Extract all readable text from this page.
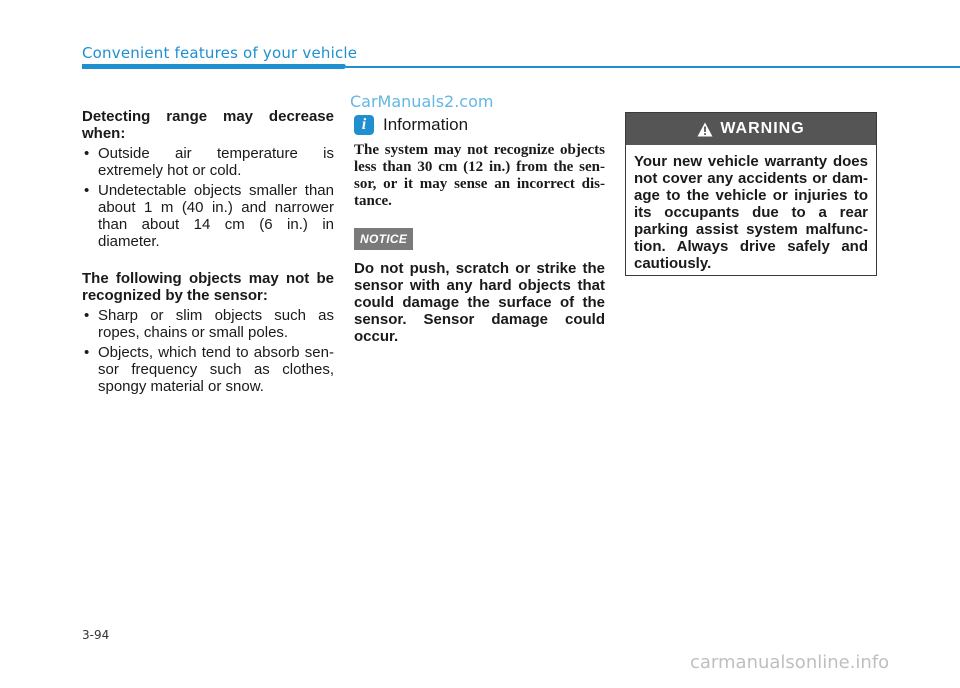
Convenient features of your vehicle
CarManuals2.com

Detecting range may decrease when:

• Outside air temperature is extremely hot or cold.
• Undetectable objects smaller than about 1 m (40 in.) and narrower than about 14 cm (6 in.) in diameter.

The following objects may not be recognized by the sensor:

• Sharp or slim objects such as ropes, chains or small poles.
• Objects, which tend to absorb sen-sor frequency such as clothes, spongy material or snow.
i Information

The system may not recognize objects less than 30 cm (12 in.) from the sen-sor, or it may sense an incorrect dis-tance.

NOTICE

Do not push, scratch or strike the sensor with any hard objects that could damage the surface of the sensor. Sensor damage could occur.

WARNING

Your new vehicle warranty does not cover any accidents or dam-age to the vehicle or injuries to its occupants due to a rear parking assist system malfunc-tion. Always drive safely and cautiously.

3-94
carmanualsonline.info
